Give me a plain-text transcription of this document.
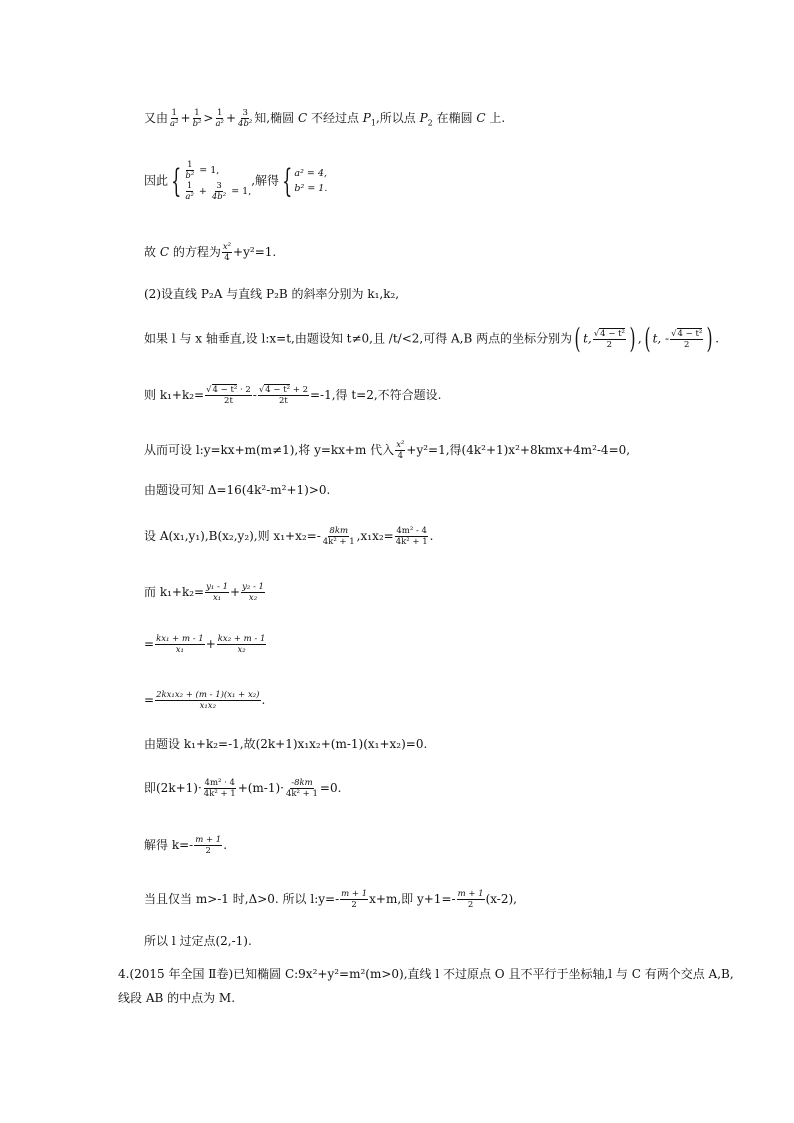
又由 $\frac{1}{\text{a²}} + \frac{1}{\text{b²}} > \frac{1}{\text{a²}} + \frac{3}{\text{4b²}}$ 知,椭圆 C 不经过点 $P_1$,所以点 $P_2$ 在椭圆 C 上.
因此{ $\frac{1}{\text{b²}} = 1$,
$\frac{1}{\text{a²}} + \frac{3}{\text{4b²}} = 1$,
,解得{ a² = 4,
b² = 1.
故 C 的方程为 $\frac{\text{x²}}{4} +y^2=1$.
(2)设直线 P₂A 与直线 P₂B 的斜率分别为 k₁,k₂,
如果 l 与 x 轴垂直,设 l:x=t,由题设知 t≠0,且 /t/<2,可得 A,B 两点的坐标分别为( t, $\frac{\text{√4 − t²}}{2}$ ) ,( t, - $\frac{\text{√4 − t²}}{2}$ ) .
则 $k_1+k_2= \frac{\text{√4 − t² · 2}}{2t} - \frac{\text{√4 − t² + 2}}{2t} =-1$,得 t=2,不符合题设.
从而可设 l:y=kx+m(m≠1),将 y=kx+m 代入 $\frac{\text{x²}}{4} +y^2=1$,得(4k²+1)x²+8kmx+4m²-4=0,
由题设可知 Δ=16(4k²-m²+1)>0.
设 A(x₁,y₁),B(x₂,y₂),则 $x_1+x_2=- \frac{8km}{\text{4k² + 1}} ,x_1x_2= \frac{\text{4m² - 4}}{\text{4k² + 1}}$ .
而 $k_1+k_2= \frac{\text{y₁ - 1}}{\text{x₁}} + \frac{\text{y₂ - 1}}{\text{x₂}}$
= $\frac{\text{kx₁ + m - 1}}{\text{x₁}} + \frac{\text{kx₂ + m - 1}}{\text{x₂}}$
= $\frac{\text{2kx₁x₂ + (m - 1)(x₁ + x₂)}}{\text{x₁x₂}}$ .
由题设 k₁+k₂=-1,故(2k+1)x₁x₂+(m-1)(x₁+x₂)=0.
即$(2k+1)\cdot \frac{\text{4m² · 4}}{\text{4k² + 1}} +(m-1)\cdot \frac{-8km}{\text{4k² + 1}} =0$.
解得 $k=- \frac{m + 1}{2}$ .
当且仅当 m>-1 时,Δ>0. 所以 l:y=- $\frac{m + 1}{2} x+m$,即 $y+1=- \frac{m + 1}{2} (x-2)$,
所以 l 过定点(2,-1).
4.(2015 年全国 Ⅱ卷)已知椭圆 C:9x²+y²=m²(m>0),直线 l 不过原点 O 且不平行于坐标轴,l 与 C 有两个交点 A,B,
线段 AB 的中点为 M.
